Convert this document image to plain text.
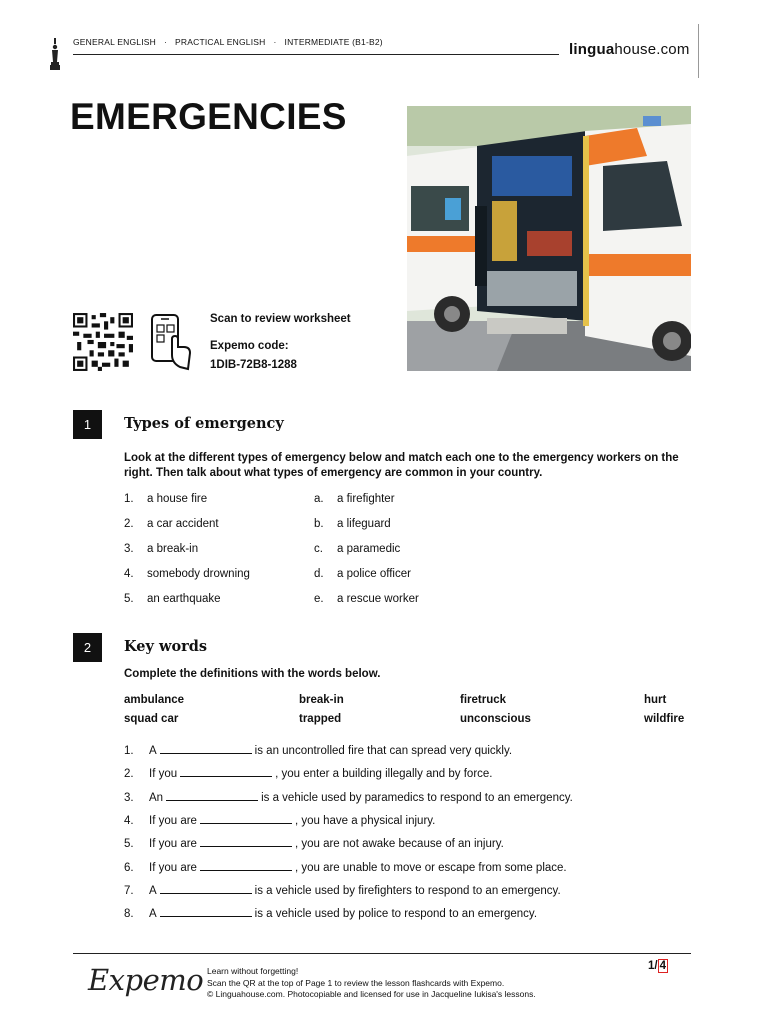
GENERAL ENGLISH · PRACTICAL ENGLISH · INTERMEDIATE (B1-B2)	linguahouse.com
EMERGENCIES
Scan to review worksheet
Expemo code:
1DIB-72B8-1288
1	Types of emergency
Look at the different types of emergency below and match each one to the emergency workers on the right. Then talk about what types of emergency are common in your country.
1. a house fire
2. a car accident
3. a break-in
4. somebody drowning
5. an earthquake
a. a firefighter
b. a lifeguard
c. a paramedic
d. a police officer
e. a rescue worker
2	Key words
Complete the definitions with the words below.
ambulance	break-in	firetruck	hurt
squad car	trapped	unconscious	wildfire
1. A	is an uncontrolled fire that can spread very quickly.
2. If you	, you enter a building illegally and by force.
3. An	is a vehicle used by paramedics to respond to an emergency.
4. If you are	, you have a physical injury.
5. If you are	, you are not awake because of an injury.
6. If you are	, you are unable to move or escape from some place.
7. A	is a vehicle used by firefighters to respond to an emergency.
8. A	is a vehicle used by police to respond to an emergency.
Expemo Learn without forgetting!
Scan the QR at the top of Page 1 to review the lesson flashcards with Expemo.
© Linguahouse.com. Photocopiable and licensed for use in Jacqueline Iukisa's lessons.
1/ 4
